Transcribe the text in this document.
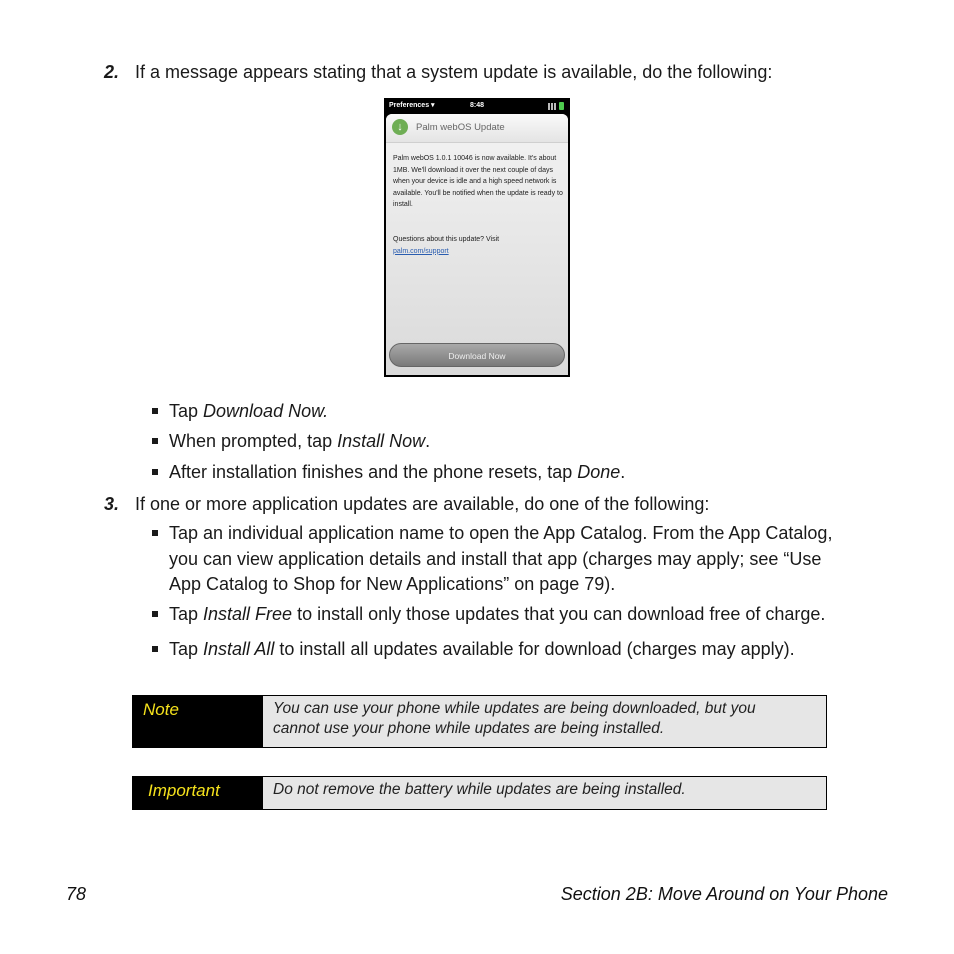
2. If a message appears stating that a system update is available, do the following:
Preferences ▾	8:48
↓	Palm webOS Update
Palm webOS 1.0.1 10046 is now available. It's about 1MB. We'll download it over the next couple of days when your device is idle and a high speed network is available. You'll be notified when the update is ready to install.
Questions about this update? Visit
palm.com/support
Download Now
Tap Download Now.
When prompted, tap Install Now.
After installation finishes and the phone resets, tap Done.
3. If one or more application updates are available, do one of the following:
Tap an individual application name to open the App Catalog. From the App Catalog,
you can view application details and install that app (charges may apply; see “Use
App Catalog to Shop for New Applications” on page 79).
Tap Install Free to install only those updates that you can download free of charge.
Tap Install All to install all updates available for download (charges may apply).
Note	You can use your phone while updates are being downloaded, but you
cannot use your phone while updates are being installed.
Important	Do not remove the battery while updates are being installed.
78	Section 2B: Move Around on Your Phone
